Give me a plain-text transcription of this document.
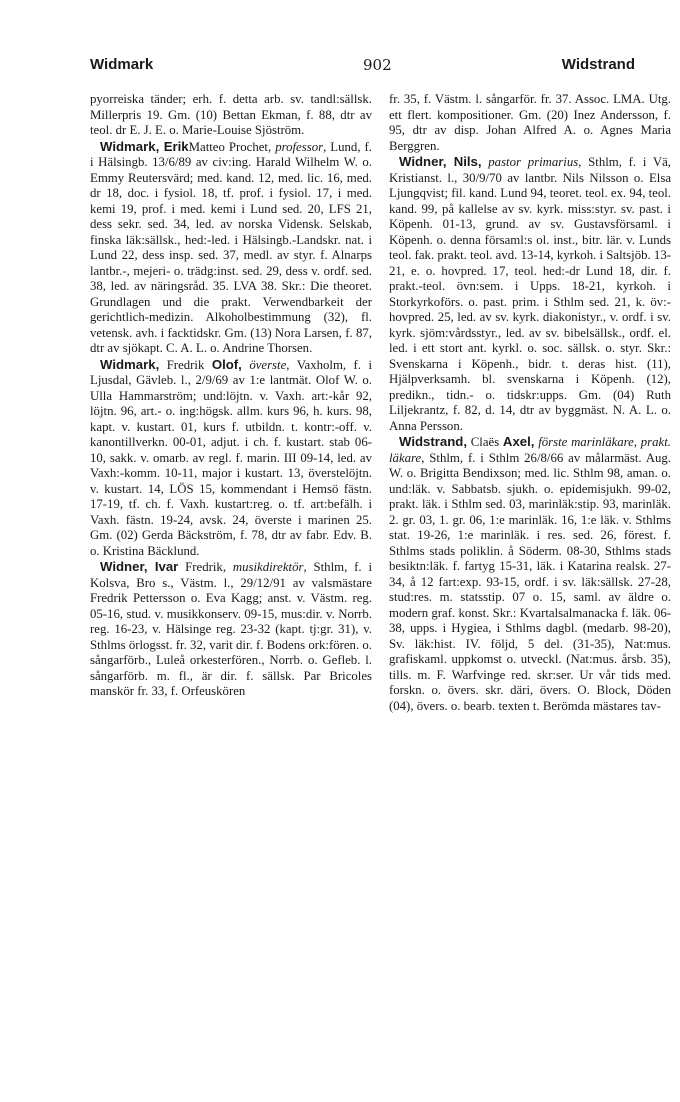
Widmark	902	Widstrand

pyorreiska tänder; erh. f. detta arb. sv. tandl:sällsk. Millerpris 19. Gm. (10) Bettan Ekman, f. 88, dtr av teol. dr E. J. E. o. Marie-Louise Sjöström.

Widmark, ErikMatteo Prochet, professor, Lund, f. i Hälsingb. 13/6/89 av civ:ing. Harald Wilhelm W. o. Emmy Reutersvärd; med. kand. 12, med. lic. 16, med. dr 18, doc. i fysiol. 18, tf. prof. i fysiol. 17, i med. kemi 19, prof. i med. kemi i Lund sed. 20, LFS 21, dess sekr. sed. 34, led. av norska Vidensk. Selskab, finska läk:sällsk., hed:-led. i Hälsingb.-Landskr. nat. i Lund 22, dess insp. sed. 37, medl. av styr. f. Alnarps lantbr.-, mejeri- o. trädg:inst. sed. 29, dess v. ordf. sed. 38, led. av näringsråd. 35. LVA 38. Skr.: Die theoret. Grundlagen und die prakt. Verwendbarkeit der gerichtlich-medizin. Alkoholbestimmung (32), fl. vetensk. avh. i facktidskr. Gm. (13) Nora Larsen, f. 87, dtr av sjökapt. C. A. L. o. Andrine Thorsen.

Widmark, Fredrik Olof, överste, Vaxholm, f. i Ljusdal, Gävleb. l., 2/9/69 av 1:e lantmät. Olof W. o. Ulla Hammarström; und:löjtn. v. Vaxh. art:-kår 92, löjtn. 96, art.- o. ing:högsk. allm. kurs 96, h. kurs. 98, kapt. v. kustart. 01, kurs f. utbildn. t. kontr:-off. v. kanontillverkn. 00-01, adjut. i ch. f. kustart. stab 06-10, sakk. v. omarb. av regl. f. marin. III 09-14, led. av Vaxh:-komm. 10-11, major i kustart. 13, överstelöjtn. v. kustart. 14, LÖS 15, kommendant i Hemsö fästn. 17-19, tf. ch. f. Vaxh. kustart:reg. o. tf. art:befälh. i Vaxh. fästn. 19-24, avsk. 24, överste i marinen 25. Gm. (02) Gerda Bäckström, f. 78, dtr av fabr. Edv. B. o. Kristina Bäcklund.

Widner, Ivar Fredrik, musikdirektör, Sthlm, f. i Kolsva, Bro s., Västm. l., 29/12/91 av valsmästare Fredrik Pettersson o. Eva Kagg; anst. v. Västm. reg. 05-16, stud. v. musikkonserv. 09-15, mus:dir. v. Norrb. reg. 16-23, v. Hälsinge reg. 23-32 (kapt. tj:gr. 31), v. Sthlms örlogsst. fr. 32, varit dir. f. Bodens ork:fören. o. sångarförb., Luleå orkesterfören., Norrb. o. Gefleb. l. sångarförb. m. fl., är dir. f. sällsk. Par Bricoles manskör fr. 33, f. Orfeuskören

fr. 35, f. Västm. l. sångarför. fr. 37. Assoc. LMA. Utg. ett flert. kompositioner. Gm. (20) Inez Andersson, f. 95, dtr av disp. Johan Alfred A. o. Agnes Maria Berggren.

Widner, Nils, pastor primarius, Sthlm, f. i Vä, Kristianst. l., 30/9/70 av lantbr. Nils Nilsson o. Elsa Ljungqvist; fil. kand. Lund 94, teoret. teol. ex. 94, teol. kand. 99, på kallelse av sv. kyrk. miss:styr. sv. past. i Köpenh. 01-13, grund. av sv. Gustavsförsaml. i Köpenh. o. denna församl:s ol. inst., bitr. lär. v. Lunds teol. fak. prakt. teol. avd. 13-14, kyrkoh. i Saltsjöb. 13-21, e. o. hovpred. 17, teol. hed:-dr Lund 18, dir. f. prakt.-teol. övn:sem. i Upps. 18-21, kyrkoh. i Storkyrkoförs. o. past. prim. i Sthlm sed. 21, k. öv:-hovpred. 25, led. av sv. kyrk. diakonistyr., v. ordf. i sv. kyrk. sjöm:vårdsstyr., led. av sv. bibelsällsk., ordf. el. led. i ett stort ant. kyrkl. o. soc. sällsk. o. styr. Skr.: Svenskarna i Köpenh., bidr. t. deras hist. (11), Hjälpverksamh. bl. svenskarna i Köpenh. (12), predikn., tidn.- o. tidskr:upps. Gm. (04) Ruth Liljekrantz, f. 82, d. 14, dtr av byggmäst. N. A. L. o. Anna Persson.

Widstrand, Claës Axel, förste marinläkare, prakt. läkare, Sthlm, f. i Sthlm 26/8/66 av målarmäst. Aug. W. o. Brigitta Bendixson; med. lic. Sthlm 98, aman. o. und:läk. v. Sabbatsb. sjukh. o. epidemisjukh. 99-02, prakt. läk. i Sthlm sed. 03, marinläk:stip. 93, marinläk. 2. gr. 03, 1. gr. 06, 1:e marinläk. 16, 1:e läk. v. Sthlms stat. 19-26, 1:e marinläk. i res. sed. 26, förest. f. Sthlms stads poliklin. å Söderm. 08-30, Sthlms stads besiktn:läk. f. fartyg 15-31, läk. i Katarina realsk. 27-34, å 12 fart:exp. 93-15, ordf. i sv. läk:sällsk. 27-28, stud:res. m. statsstip. 07 o. 15, saml. av äldre o. modern graf. konst. Skr.: Kvartalsalmanacka f. läk. 06-38, upps. i Hygiea, i Sthlms dagbl. (medarb. 98-20), Sv. läk:hist. IV. följd, 5 del. (31-35), Nat:mus. grafiskaml. uppkomst o. utveckl. (Nat:mus. årsb. 35), tills. m. F. Warfvinge red. skr:ser. Ur vår tids med. forskn. o. övers. skr. däri, övers. O. Block, Döden (04), övers. o. bearb. texten t. Berömda mästares tav-
